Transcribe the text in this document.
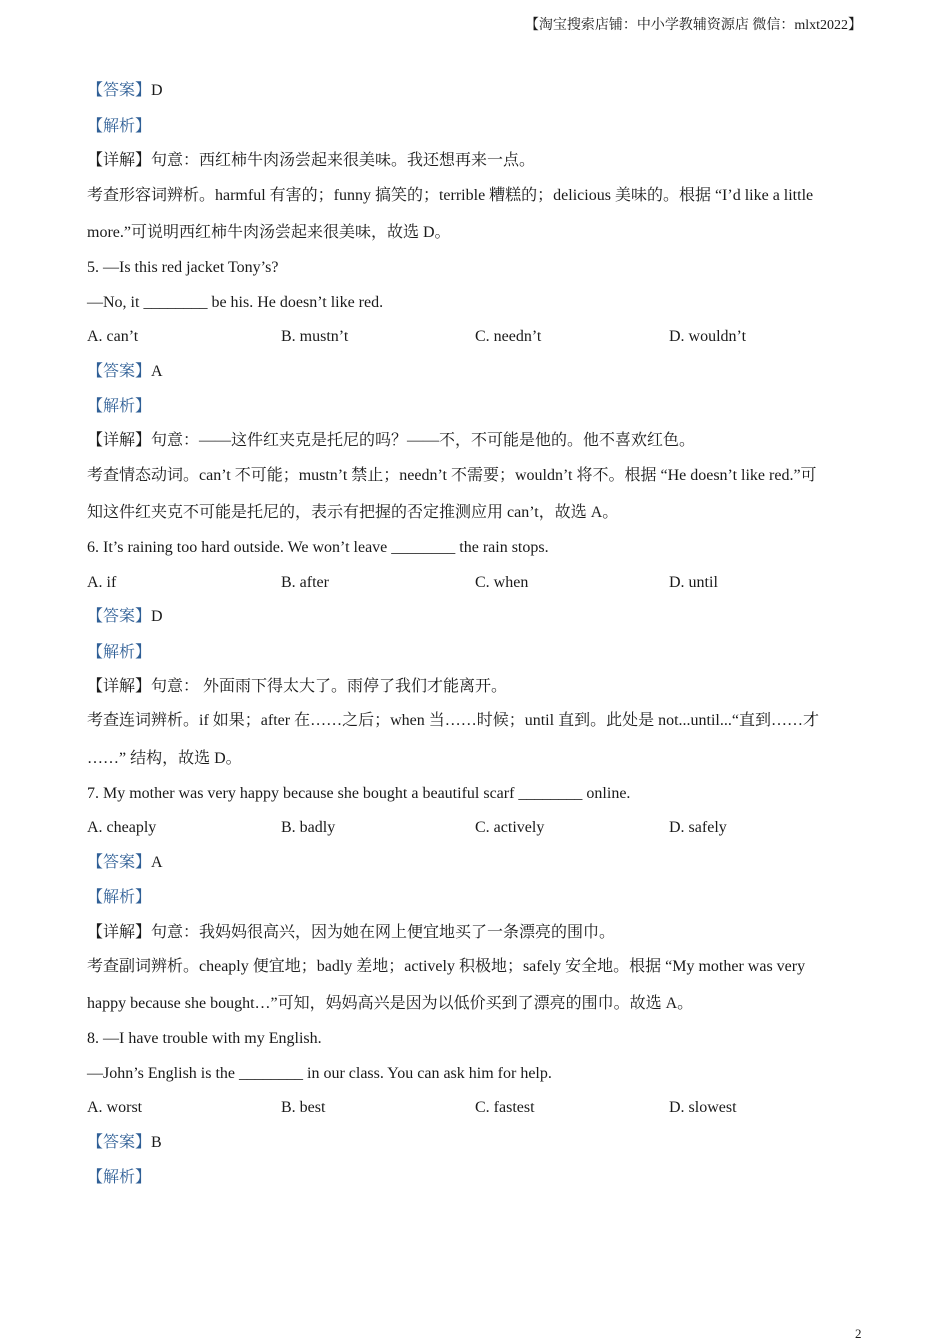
【淘宝搜索店铺：中小学教辅资源店 微信：mlxt2022】
【答案】D
【解析】
【详解】句意：西红柿牛肉汤尝起来很美味。我还想再来一点。
考查形容词辨析。harmful 有害的；funny 搞笑的；terrible 糟糕的；delicious 美味的。根据 “I’d like a little
more.”可说明西红柿牛肉汤尝起来很美味，故选 D。
5. —Is this red jacket Tony’s?
—No, it ________ be his. He doesn’t like red.
A. can’t	B. mustn’t	C. needn’t	D. wouldn’t
【答案】A
【解析】
【详解】句意：——这件红夹克是托尼的吗？——不，不可能是他的。他不喜欢红色。
考查情态动词。can’t 不可能；mustn’t 禁止；needn’t 不需要；wouldn’t 将不。根据 “He doesn’t like red.”可
知这件红夹克不可能是托尼的，表示有把握的否定推测应用 can’t，故选 A。
6. It’s raining too hard outside. We won’t leave ________ the rain stops.
A. if	B. after	C. when	D. until
【答案】D
【解析】
【详解】句意： 外面雨下得太大了。雨停了我们才能离开。
考查连词辨析。if 如果；after 在……之后；when 当……时候；until 直到。此处是 not...until...“直到……才
……” 结构，故选 D。
7. My mother was very happy because she bought a beautiful scarf ________ online.
A. cheaply	B. badly	C. actively	D. safely
【答案】A
【解析】
【详解】句意：我妈妈很高兴，因为她在网上便宜地买了一条漂亮的围巾。
考查副词辨析。cheaply 便宜地；badly 差地；actively 积极地；safely 安全地。根据 “My mother was very
happy because she bought…”可知，妈妈高兴是因为以低价买到了漂亮的围巾。故选 A。
8. —I have trouble with my English.
—John’s English is the ________ in our class. You can ask him for help.
A. worst	B. best	C. fastest	D. slowest
【答案】B
【解析】
2
